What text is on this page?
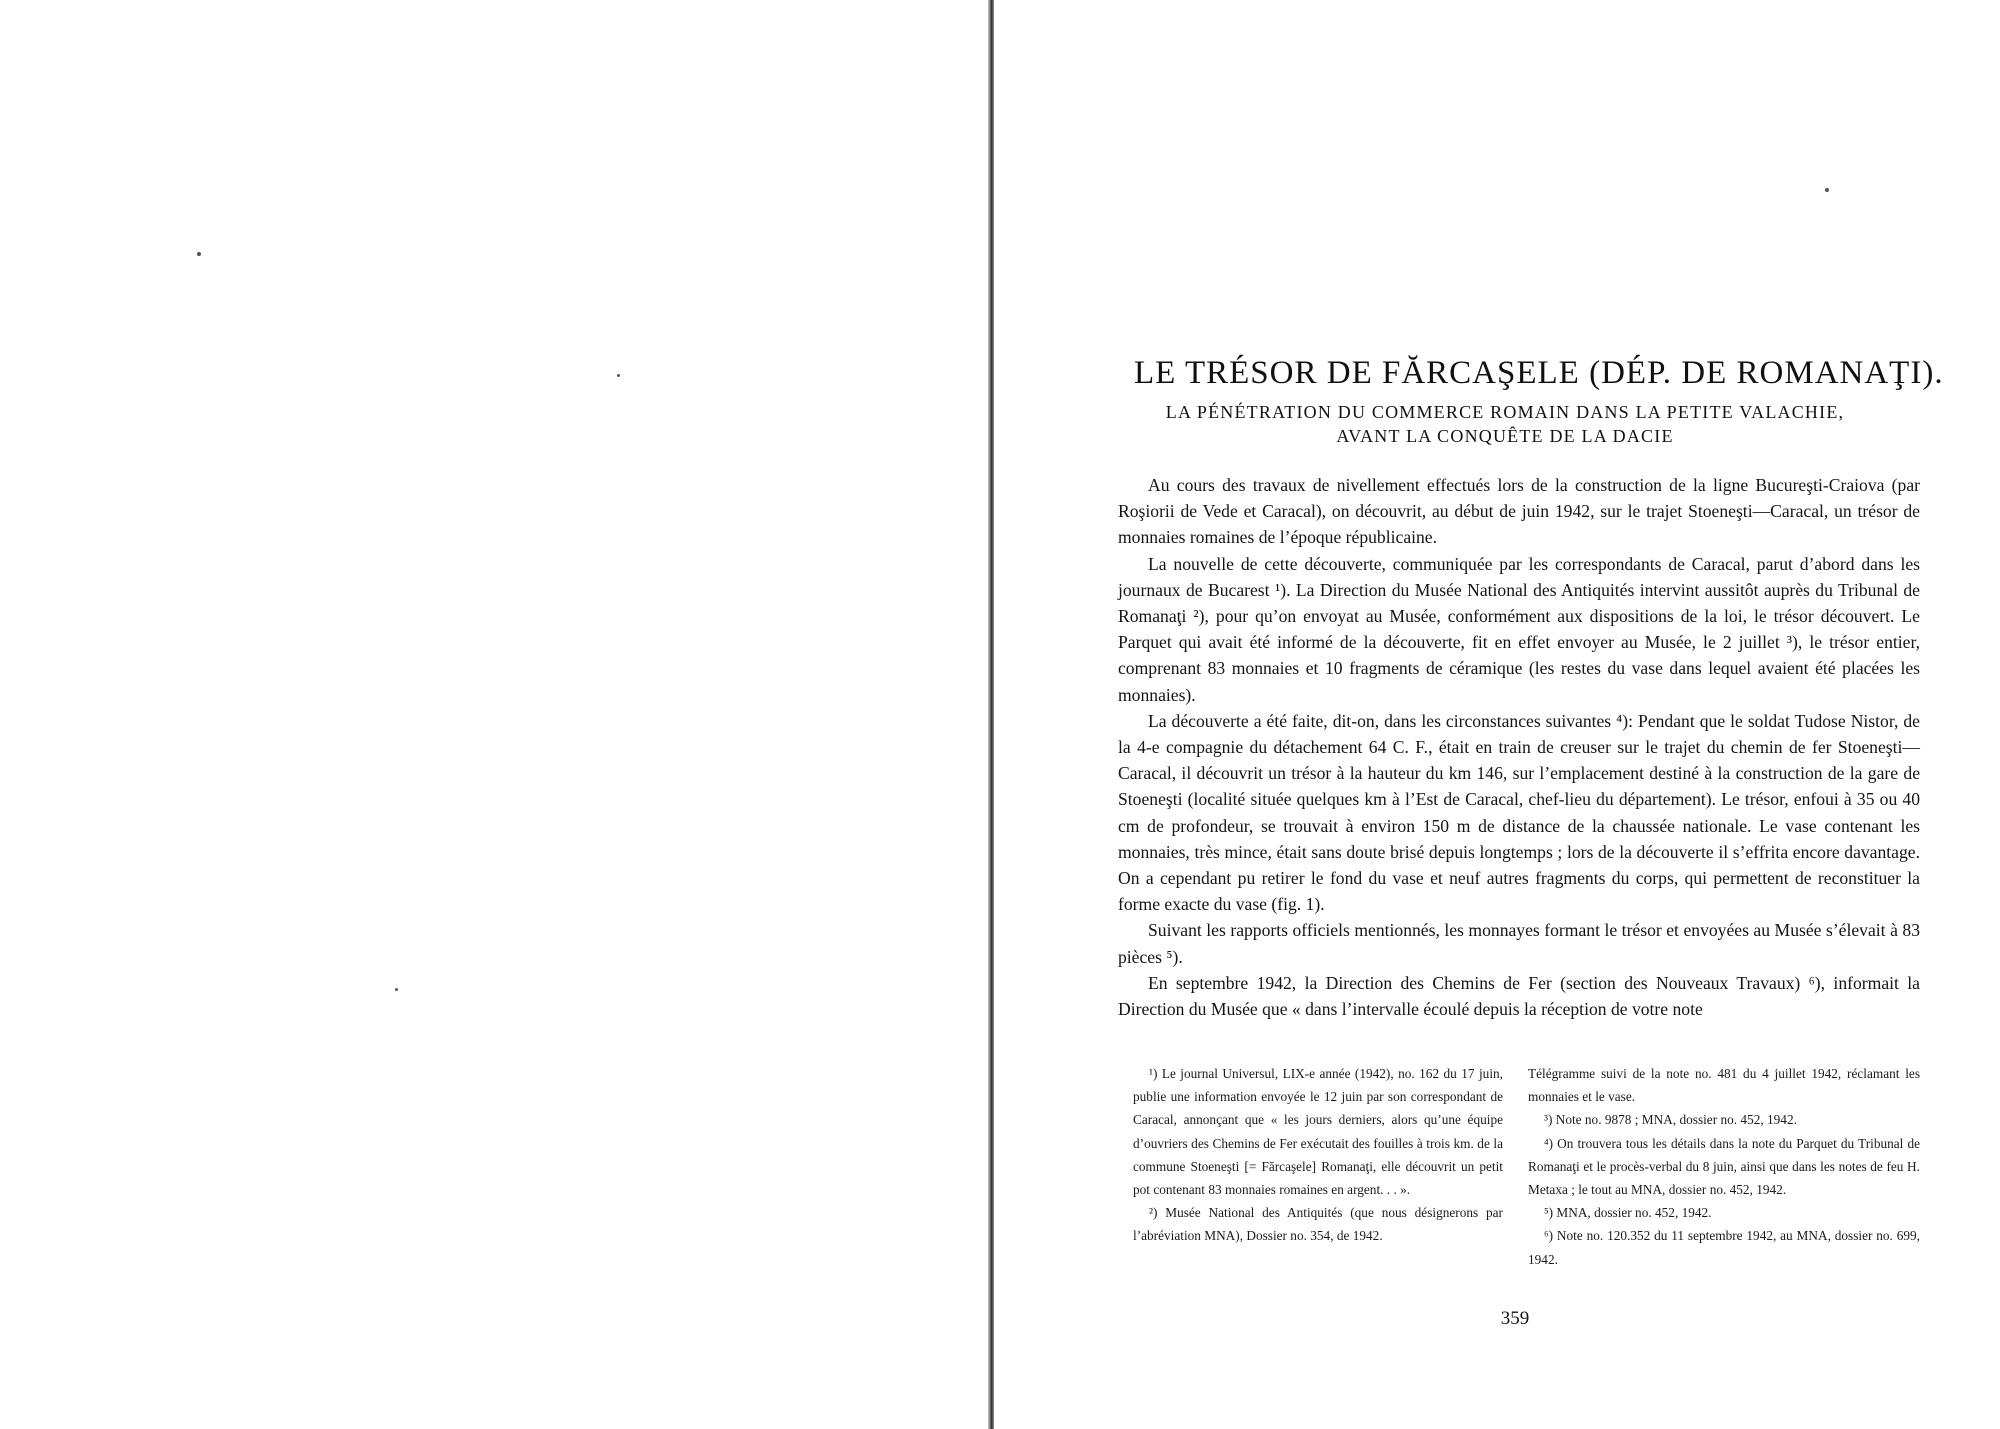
LE TRÉSOR DE FĂRCAŞELE (DÉP. DE ROMANAŢI).
LA PÉNÉTRATION DU COMMERCE ROMAIN DANS LA PETITE VALACHIE,
AVANT LA CONQUÊTE DE LA DACIE

Au cours des travaux de nivellement effectués lors de la construction de la ligne Bucureşti-Craiova (par Roşiorii de Vede et Caracal), on découvrit, au début de juin 1942, sur le trajet Stoeneşti—Caracal, un trésor de monnaies romaines de l’époque républicaine.

La nouvelle de cette découverte, communiquée par les correspondants de Caracal, parut d’abord dans les journaux de Bucarest ¹). La Direction du Musée National des Antiquités intervint aussitôt auprès du Tribunal de Romanaţi ²), pour qu’on envoyat au Musée, conformément aux dispositions de la loi, le trésor découvert. Le Parquet qui avait été informé de la découverte, fit en effet envoyer au Musée, le 2 juillet ³), le trésor entier, comprenant 83 monnaies et 10 fragments de céramique (les restes du vase dans lequel avaient été placées les monnaies).

La découverte a été faite, dit-on, dans les circonstances suivantes ⁴): Pendant que le soldat Tudose Nistor, de la 4-e compagnie du détachement 64 C. F., était en train de creuser sur le trajet du chemin de fer Stoeneşti—Caracal, il découvrit un trésor à la hauteur du km 146, sur l’emplacement destiné à la construction de la gare de Stoeneşti (localité située quelques km à l’Est de Caracal, chef-lieu du département). Le trésor, enfoui à 35 ou 40 cm de profondeur, se trouvait à environ 150 m de distance de la chaussée nationale. Le vase contenant les monnaies, très mince, était sans doute brisé depuis longtemps ; lors de la découverte il s’effrita encore davantage. On a cependant pu retirer le fond du vase et neuf autres fragments du corps, qui permettent de reconstituer la forme exacte du vase (fig. 1).

Suivant les rapports officiels mentionnés, les monnayes formant le trésor et envoyées au Musée s’élevait à 83 pièces ⁵).

En septembre 1942, la Direction des Chemins de Fer (section des Nouveaux Travaux) ⁶), informait la Direction du Musée que « dans l’intervalle écoulé depuis la réception de votre note

¹) Le journal Universul, LIX-e année (1942), no. 162 du 17 juin, publie une information envoyée le 12 juin par son correspondant de Caracal, annonçant que « les jours derniers, alors qu’une équipe d’ouvriers des Chemins de Fer exécutait des fouilles à trois km. de la commune Stoeneşti [= Fărcaşele] Romanaţi, elle découvrit un petit pot contenant 83 monnaies romaines en argent. . . ».

²) Musée National des Antiquités (que nous désignerons par l’abréviation MNA), Dossier no. 354, de 1942.

Télégramme suivi de la note no. 481 du 4 juillet 1942, réclamant les monnaies et le vase.

³) Note no. 9878 ; MNA, dossier no. 452, 1942.

⁴) On trouvera tous les détails dans la note du Parquet du Tribunal de Romanaţi et le procès-verbal du 8 juin, ainsi que dans les notes de feu H. Metaxa ; le tout au MNA, dossier no. 452, 1942.

⁵) MNA, dossier no. 452, 1942.

⁶) Note no. 120.352 du 11 septembre 1942, au MNA, dossier no. 699, 1942.

359
